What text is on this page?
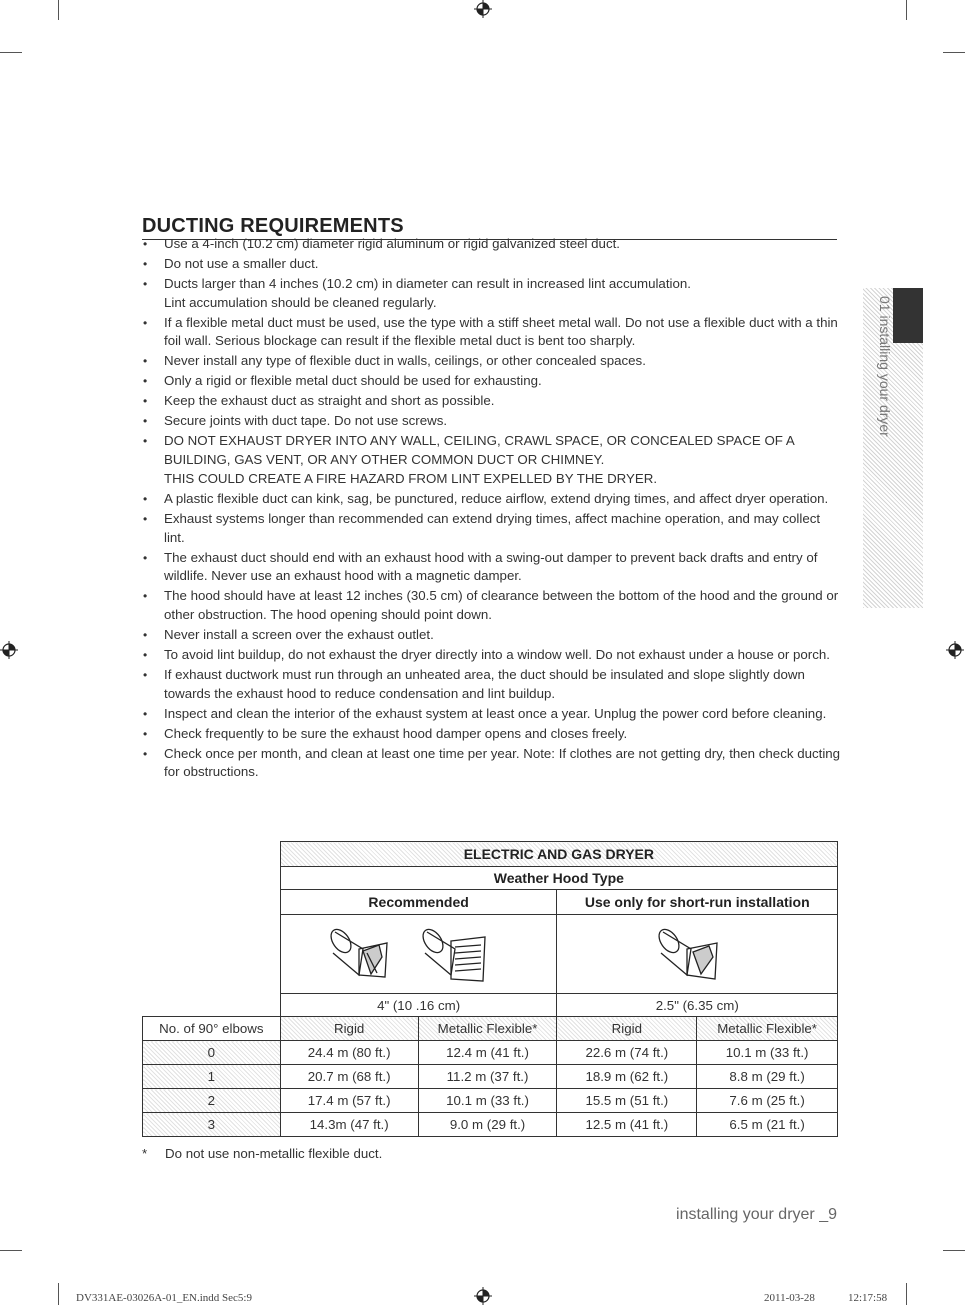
DUCTING REQUIREMENTS
• Use a 4-inch (10.2 cm) diameter rigid aluminum or rigid galvanized steel duct.
• Do not use a smaller duct.
• Ducts larger than 4 inches (10.2 cm) in diameter can result in increased lint accumulation.
Lint accumulation should be cleaned regularly.
• If a flexible metal duct must be used, use the type with a stiff sheet metal wall. Do not use a flexible duct with a thin foil wall. Serious blockage can result if the flexible metal duct is bent too sharply.
• Never install any type of flexible duct in walls, ceilings, or other concealed spaces.
• Only a rigid or flexible metal duct should be used for exhausting.
• Keep the exhaust duct as straight and short as possible.
• Secure joints with duct tape. Do not use screws.
• DO NOT EXHAUST DRYER INTO ANY WALL, CEILING, CRAWL SPACE, OR CONCEALED SPACE OF A BUILDING, GAS VENT, OR ANY OTHER COMMON DUCT OR CHIMNEY.
THIS COULD CREATE A FIRE HAZARD FROM LINT EXPELLED BY THE DRYER.
• A plastic flexible duct can kink, sag, be punctured, reduce airflow, extend drying times, and affect dryer operation.
• Exhaust systems longer than recommended can extend drying times, affect machine operation, and may collect lint.
• The exhaust duct should end with an exhaust hood with a swing-out damper to prevent back drafts and entry of wildlife. Never use an exhaust hood with a magnetic damper.
• The hood should have at least 12 inches (30.5 cm) of clearance between the bottom of the hood and the ground or other obstruction. The hood opening should point down.
• Never install a screen over the exhaust outlet.
• To avoid lint buildup, do not exhaust the dryer directly into a window well. Do not exhaust under a house or porch.
• If exhaust ductwork must run through an unheated area, the duct should be insulated and slope slightly down towards the exhaust hood to reduce condensation and lint buildup.
• Inspect and clean the interior of the exhaust system at least once a year. Unplug the power cord before cleaning.
• Check frequently to be sure the exhaust hood damper opens and closes freely.
• Check once per month, and clean at least one time per year. Note: If clothes are not getting dry, then check ducting for obstructions.
01 installing your dryer
	ELECTRIC AND GAS DRYER			
	Weather Hood Type			
	Recommended		Use only for short-run installation	

	4" (10 .16 cm)		2.5" (6.35 cm)	
No. of 90° elbows	Rigid	Metallic Flexible*	Rigid	Metallic Flexible*
0	24.4 m (80 ft.)	12.4 m (41 ft.)	22.6 m (74 ft.)	10.1 m (33 ft.)
1	20.7 m (68 ft.)	11.2 m (37 ft.)	18.9 m (62 ft.)	8.8 m (29 ft.)
2	17.4 m (57 ft.)	10.1 m (33 ft.)	15.5 m (51 ft.)	7.6 m (25 ft.)
3	14.3m (47 ft.)	9.0 m (29 ft.)	12.5 m (41 ft.)	6.5 m (21 ft.)
* Do not use non-metallic flexible duct.
installing your dryer _9
DV331AE-03026A-01_EN.indd Sec5:9	2011-03-28	12:17:58
